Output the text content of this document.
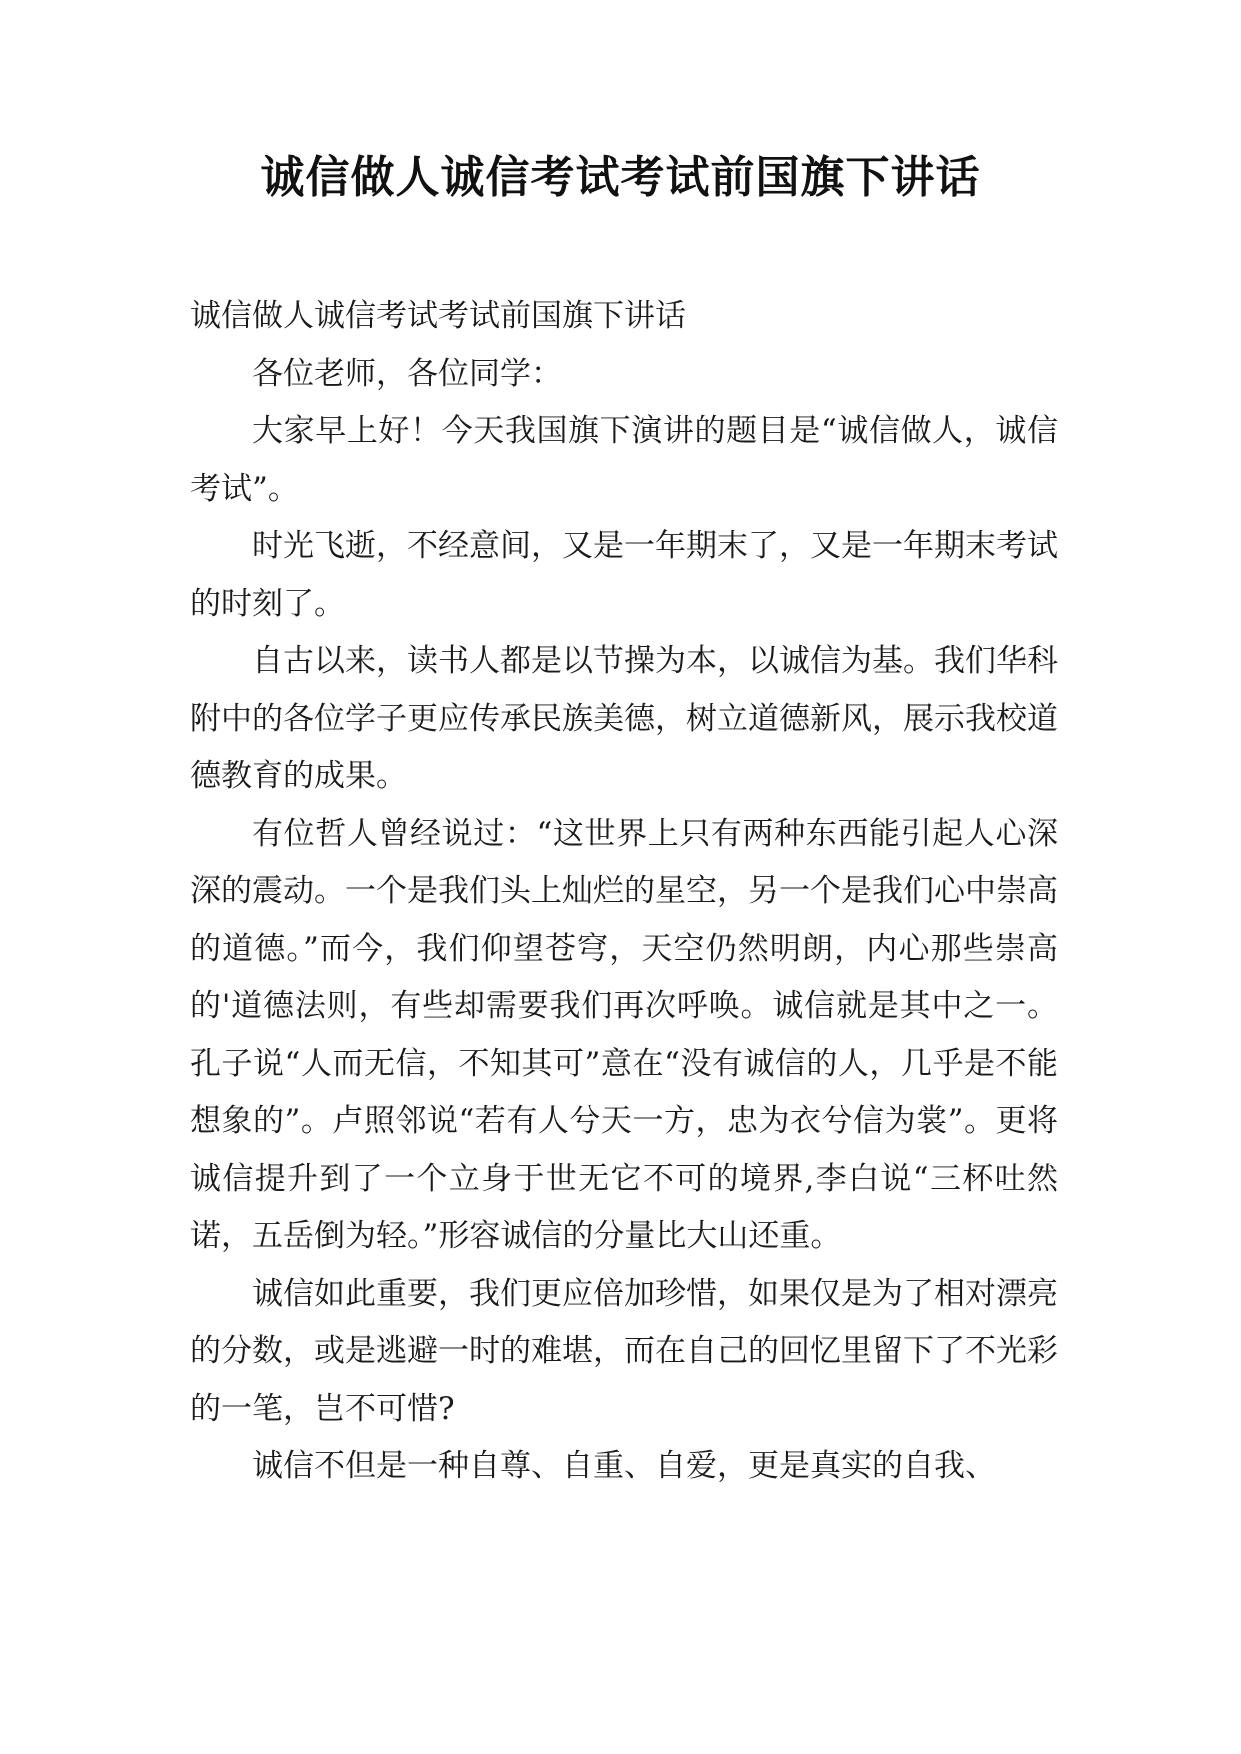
诚信做人诚信考试考试前国旗下讲话

诚信做人诚信考试考试前国旗下讲话

各位老师，各位同学：

大家早上好！今天我国旗下演讲的题目是“诚信做人，诚信考试”。

时光飞逝，不经意间，又是一年期末了，又是一年期末考试的时刻了。

自古以来，读书人都是以节操为本，以诚信为基。我们华科附中的各位学子更应传承民族美德，树立道德新风，展示我校道德教育的成果。

有位哲人曾经说过：“这世界上只有两种东西能引起人心深深的震动。一个是我们头上灿烂的星空，另一个是我们心中崇高的道德。”而今，我们仰望苍穹，天空仍然明朗，内心那些崇高的'道德法则，有些却需要我们再次呼唤。诚信就是其中之一。孔子说“人而无信，不知其可”意在“没有诚信的人，几乎是不能想象的”。卢照邻说“若有人兮天一方，忠为衣兮信为裳”。更将诚信提升到了一个立身于世无它不可的境界,李白说“三杯吐然诺，五岳倒为轻。”形容诚信的分量比大山还重。

诚信如此重要，我们更应倍加珍惜，如果仅是为了相对漂亮的分数，或是逃避一时的难堪，而在自己的回忆里留下了不光彩的一笔，岂不可惜?

诚信不但是一种自尊、自重、自爱，更是真实的自我、
